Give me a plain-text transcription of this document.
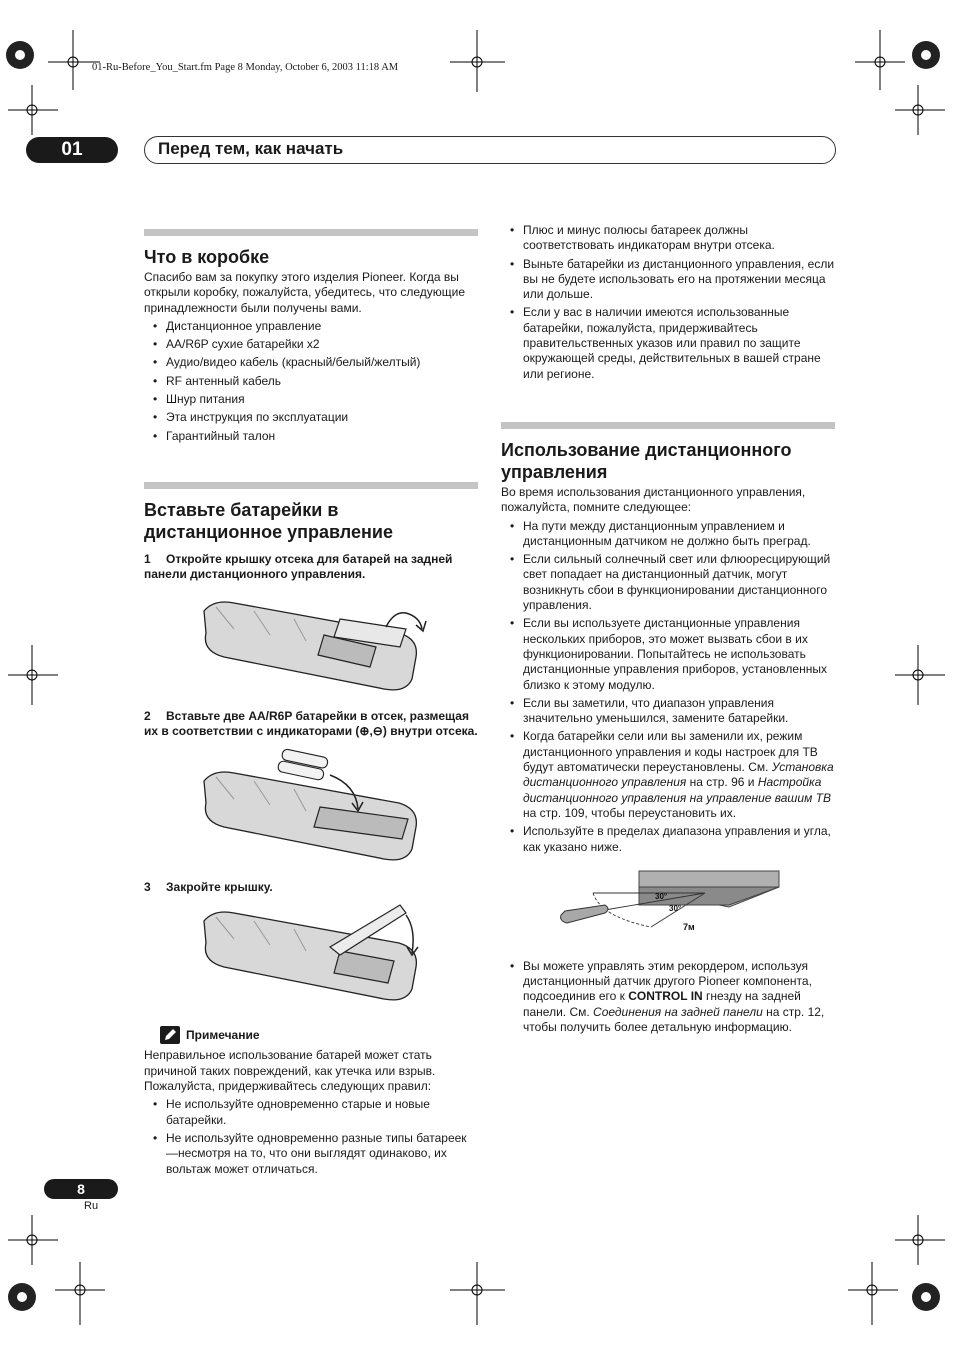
01-Ru-Before_You_Start.fm Page 8 Monday, October 6, 2003 11:18 AM
01	Перед тем, как начать
Что в коробке
Спасибо вам за покупку этого изделия Pioneer. Когда вы открыли коробку, пожалуйста, убедитесь, что следующие принадлежности были получены вами.
• Дистанционное управление
• AA/R6P сухие батарейки x2
• Аудио/видео кабель (красный/белый/желтый)
• RF антенный кабель
• Шнур питания
• Эта инструкция по эксплуатации
• Гарантийный талон
Вставьте батарейки в дистанционное управление
1 Откройте крышку отсека для батарей на задней панели дистанционного управления.
2 Вставьте две AA/R6P батарейки в отсек, размещая их в соответствии с индикаторами (⊕,⊖) внутри отсека.
3 Закройте крышку.
Примечание
Неправильное использование батарей может стать причиной таких повреждений, как утечка или взрыв. Пожалуйста, придерживайтесь следующих правил:
• Не используйте одновременно старые и новые батарейки.
• Не используйте одновременно разные типы батареек—несмотря на то, что они выглядят одинаково, их вольтаж может отличаться.
• Плюс и минус полюсы батареек должны соответствовать индикаторам внутри отсека.
• Выньте батарейки из дистанционного управления, если вы не будете использовать его на протяжении месяца или дольше.
• Если у вас в наличии имеются использованные батарейки, пожалуйста, придерживайтесь правительственных указов или правил по защите окружающей среды, действительных в вашей стране или регионе.
Использование дистанционного управления
Во время использования дистанционного управления, пожалуйста, помните следующее:
• На пути между дистанционным управлением и дистанционным датчиком не должно быть преград.
• Если сильный солнечный свет или флюоресцирующий свет попадает на дистанционный датчик, могут возникнуть сбои в функционировании дистанционного управления.
• Если вы используете дистанционные управления нескольких приборов, это может вызвать сбои в их функционировании. Попытайтесь не использовать дистанционные управления приборов, установленных близко к этому модулю.
• Если вы заметили, что диапазон управления значительно уменьшился, замените батарейки.
• Когда батарейки сели или вы заменили их, режим дистанционного управления и коды настроек для ТВ будут автоматически переустановлены. См. Установка дистанционного управления на стр. 96 и Настройка дистанционного управления на управление вашим ТВ на стр. 109, чтобы переустановить их.
• Используйте в пределах диапазона управления и угла, как указано ниже.
30°
30°
7м
• Вы можете управлять этим рекордером, используя дистанционный датчик другого Pioneer компонента, подсоединив его к CONTROL IN гнезду на задней панели. См. Соединения на задней панели на стр. 12, чтобы получить более детальную информацию.
8
Ru
